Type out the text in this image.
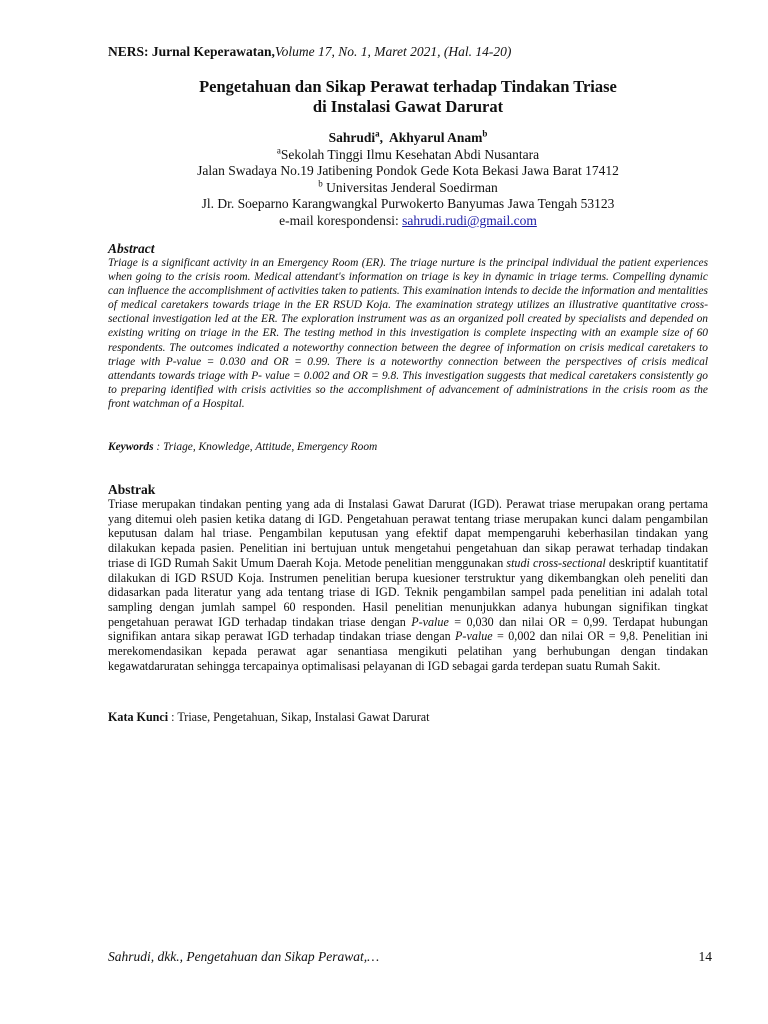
NERS: Jurnal Keperawatan,Volume 17, No. 1, Maret 2021, (Hal. 14-20)
Pengetahuan dan Sikap Perawat terhadap Tindakan Triase
di Instalasi Gawat Darurat
Sahrudi$^a$,  Akhyarul Anam$^b$
$^a$Sekolah Tinggi Ilmu Kesehatan Abdi Nusantara
Jalan Swadaya No.19 Jatibening Pondok Gede Kota Bekasi Jawa Barat 17412
$^b$ Universitas Jenderal Soedirman
Jl. Dr. Soeparno Karangwangkal Purwokerto Banyumas Jawa Tengah 53123
e-mail korespondensi: sahrudi.rudi@gmail.com

Abstract

Triage is a significant activity in an Emergency Room (ER). The triage nurture is the principal individual the patient experiences when going to the crisis room. Medical attendant's information on triage is key in dynamic in triage terms. Compelling dynamic can influence the accomplishment of activities taken to patients. This examination intends to decide the information and mentalities of medical caretakers towards triage in the ER RSUD Koja. The examination strategy utilizes an illustrative quantitative cross-sectional investigation led at the ER. The exploration instrument was as an organized poll created by specialists and depended on existing writing on triage in the ER. The testing method in this investigation is complete inspecting with an example size of 60 respondents. The outcomes indicated a noteworthy connection between the degree of information on crisis medical caretakers to triage with P-value = 0.030 and OR = 0.99. There is a noteworthy connection between the perspectives of crisis medical attendants towards triage with P- value = 0.002 and OR = 9.8. This investigation suggests that medical caretakers consistently go to preparing identified with crisis activities so the accomplishment of advancement of administrations in the crisis room as the front watchman of a Hospital.

Keywords : Triage, Knowledge, Attitude, Emergency Room

Abstrak

Triase merupakan tindakan penting yang ada di Instalasi Gawat Darurat (IGD). Perawat triase merupakan orang pertama yang ditemui oleh pasien ketika datang di IGD. Pengetahuan perawat tentang triase merupakan kunci dalam pengambilan keputusan dalam hal triase. Pengambilan keputusan yang efektif dapat mempengaruhi keberhasilan tindakan yang dilakukan kepada pasien. Penelitian ini bertujuan untuk mengetahui pengetahuan dan sikap perawat terhadap tindakan triase di IGD Rumah Sakit Umum Daerah Koja. Metode penelitian menggunakan studi cross-sectional deskriptif kuantitatif dilakukan di IGD RSUD Koja. Instrumen penelitian berupa kuesioner terstruktur yang dikembangkan oleh peneliti dan didasarkan pada literatur yang ada tentang triase di IGD. Teknik pengambilan sampel pada penelitian ini adalah total sampling dengan jumlah sampel 60 responden. Hasil penelitian menunjukkan adanya hubungan signifikan tingkat pengetahuan perawat IGD terhadap tindakan triase dengan P-value = 0,030 dan nilai OR = 0,99. Terdapat hubungan signifikan antara sikap perawat IGD terhadap tindakan triase dengan P-value = 0,002 dan nilai OR = 9,8. Penelitian ini merekomendasikan kepada perawat agar senantiasa mengikuti pelatihan yang berhubungan dengan tindakan kegawatdaruratan sehingga tercapainya optimalisasi pelayanan di IGD sebagai garda terdepan suatu Rumah Sakit.

Kata Kunci : Triase, Pengetahuan, Sikap, Instalasi Gawat Darurat
Sahrudi, dkk., Pengetahuan dan Sikap Perawat,…	14
